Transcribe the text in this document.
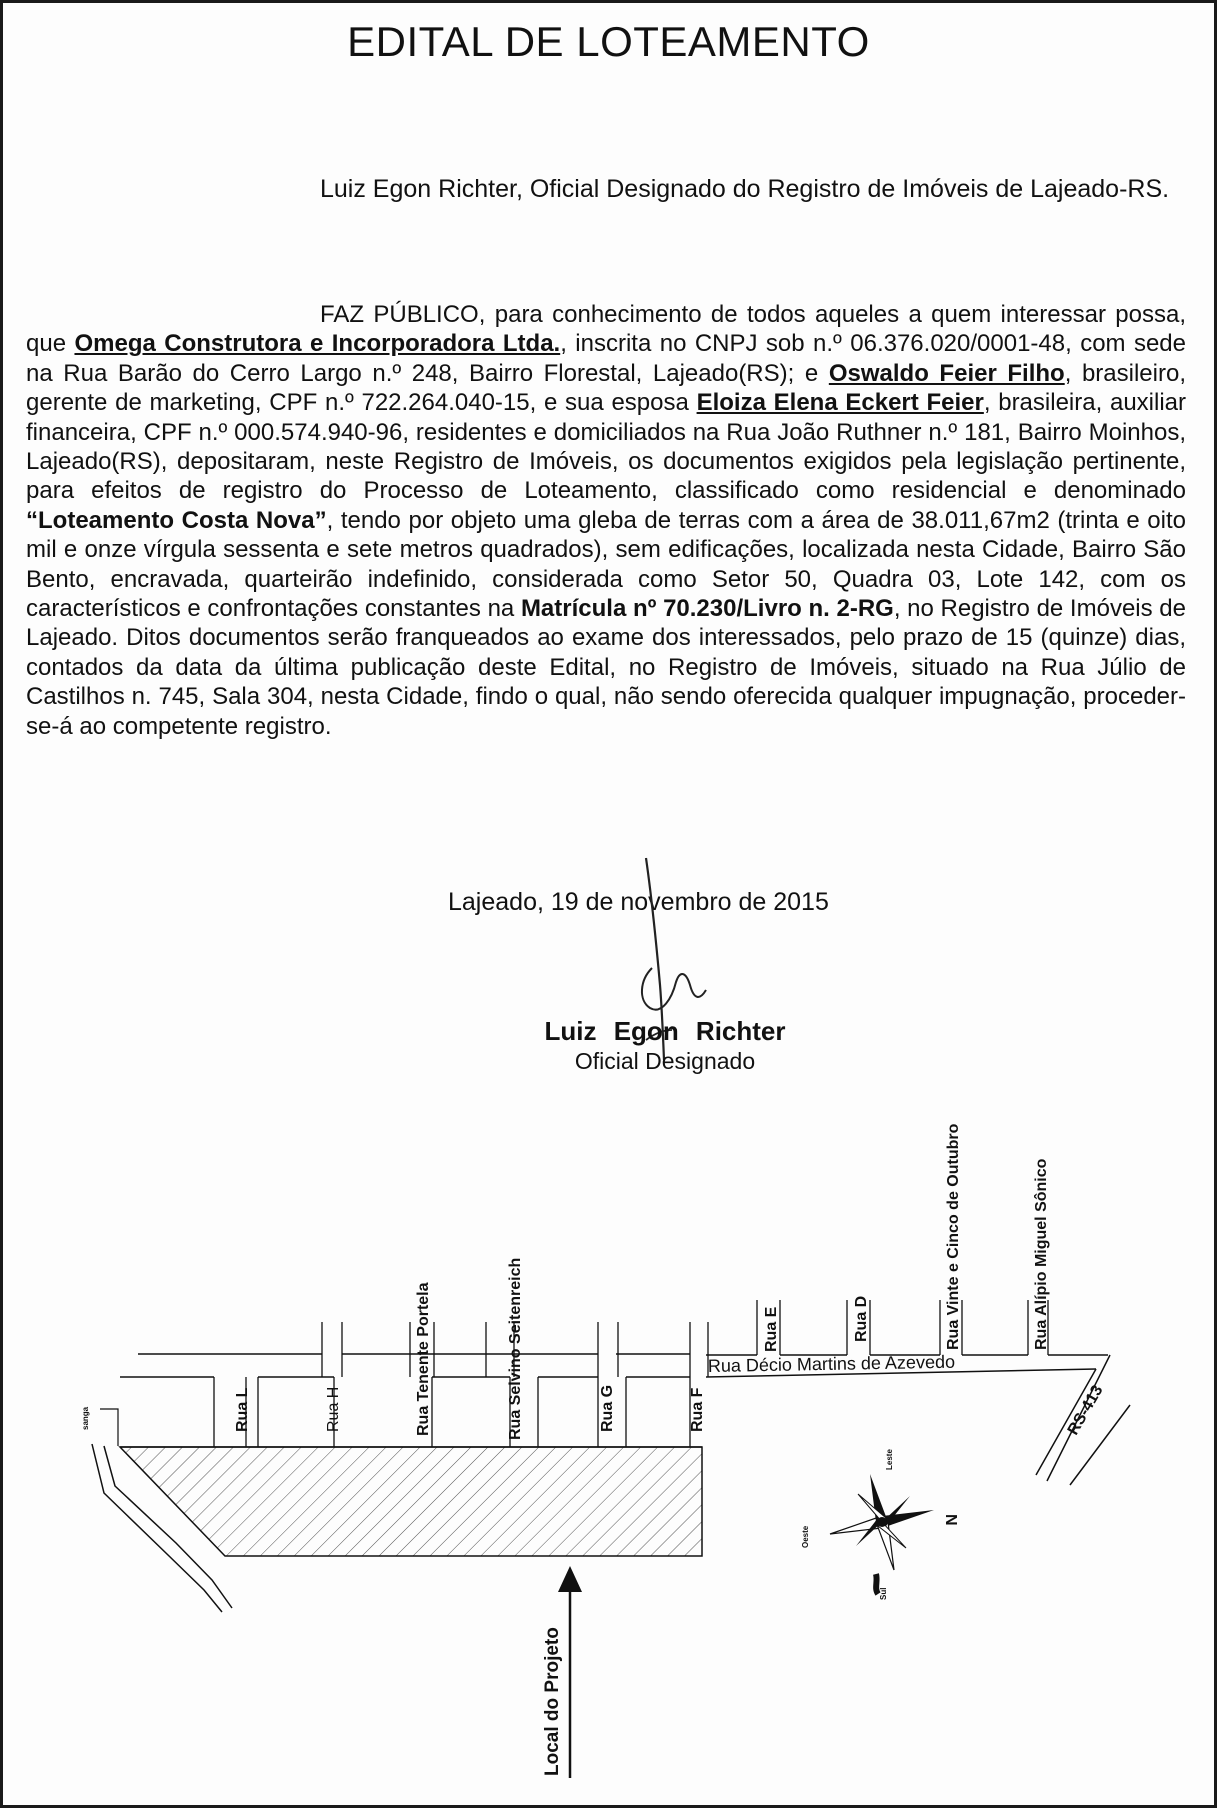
EDITAL DE LOTEAMENTO
Luiz Egon Richter, Oficial Designado do Registro de Imóveis de Lajeado-RS.
FAZ PÚBLICO, para conhecimento de todos aqueles a quem interessar possa, que Omega Construtora e Incorporadora Ltda., inscrita no CNPJ sob n.º 06.376.020/0001-48, com sede na Rua Barão do Cerro Largo n.º 248, Bairro Florestal, Lajeado(RS); e Oswaldo Feier Filho, brasileiro, gerente de marketing, CPF n.º 722.264.040-15, e sua esposa Eloiza Elena Eckert Feier, brasileira, auxiliar financeira, CPF n.º 000.574.940-96, residentes e domiciliados na Rua João Ruthner n.º 181, Bairro Moinhos, Lajeado(RS), depositaram, neste Registro de Imóveis, os documentos exigidos pela legislação pertinente, para efeitos de registro do Processo de Loteamento, classificado como residencial e denominado “Loteamento Costa Nova”, tendo por objeto uma gleba de terras com a área de 38.011,67m2 (trinta e oito mil e onze vírgula sessenta e sete metros quadrados), sem edificações, localizada nesta Cidade, Bairro São Bento, encravada, quarteirão indefinido, considerada como Setor 50, Quadra 03, Lote 142, com os característicos e confrontações constantes na Matrícula nº 70.230/Livro n. 2-RG, no Registro de Imóveis de Lajeado. Ditos documentos serão franqueados ao exame dos interessados, pelo prazo de 15 (quinze) dias, contados da data da última publicação deste Edital, no Registro de Imóveis, situado na Rua Júlio de Castilhos n. 745, Sala 304, nesta Cidade, findo o qual, não sendo oferecida qualquer impugnação, proceder-se-á ao competente registro.
Lajeado, 19 de novembro de 2015
Luiz Egon Richter
Oficial Designado
sanga	Rua L	Rua H	Rua Tenente Portela	Rua Selvino Seitenreich	Rua G	Rua F
Rua E	Rua D	Rua Vinte e Cinco de Outubro	Rua Alípio Miguel Sônico
Rua Décio Martins de Azevedo
RS-413
N
Leste
Oeste
Sul
Local do Projeto
